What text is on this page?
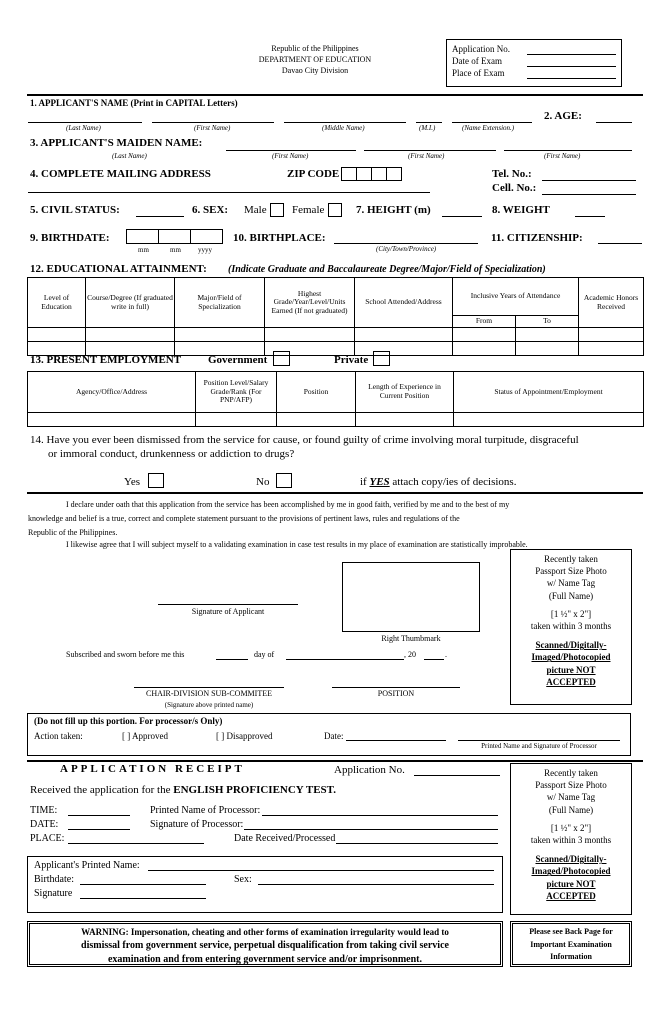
Republic of the Philippines
DEPARTMENT OF EDUCATION
Davao City Division
Application No.
Date of Exam
Place of Exam
1. APPLICANT'S NAME (Print in CAPITAL Letters)
(Last Name)	(First Name)	(Middle Name)	(M.I.)	(Name Extension.)
2. AGE:
3. APPLICANT'S MAIDEN NAME:
(Last Name)	(First Name)	(First Name)	(First Name)
4. COMPLETE MAILING ADDRESS	ZIP CODE	Tel. No.:
Cell. No.:
5. CIVIL STATUS:	6. SEX: Male Female	7. HEIGHT (m)	8. WEIGHT
9. BIRTHDATE:
mm	mm yyyy
10. BIRTHPLACE:
(City/Town/Province)
11. CITIZENSHIP:
12. EDUCATIONAL ATTAINMENT: (Indicate Graduate and Baccalaureate Degree/Major/Field of Specialization)
Level of Education	Course/Degree (If graduated write in full)	Major/Field of Specialization	Highest Grade/Year/Level/Units Earned (If not graduated)	School Attended/Address	Inclusive Years of Attendance		Academic Honors Received
					From	To	

13. PRESENT EMPLOYMENT Government	Private
Agency/Office/Address	Position Level/Salary Grade/Rank (For PNP/AFP)	Position	Length of Experience in Current Position	Status of Appointment/Employment

14. Have you ever been dismissed from the service for cause, or found guilty of crime involving moral turpitude, disgraceful
or immoral conduct, drunkenness or addiction to drugs?
Yes	No	if YES attach copy/ies of decisions.
I declare under oath that this application from the service has been accomplished by me in good faith, verified by me and to the best of my
knowledge and belief is a true, correct and complete statement pursuant to the provisions of pertinent laws, rules and regulations of the
Republic of the Philippines.
I likewise agree that I will subject myself to a validating examination in case test results in my place of examination are statistically improbable.
Signature of Applicant
Right Thumbmark
Subscribed and sworn before me this	day of	, 20	.
CHAIR-DIVISION SUB-COMMITEE
(Signature above printed name)
POSITION
Recently taken
Passport Size Photo
w/ Name Tag
(Full Name)
[1 ½" x 2"]
taken within 3 months
Scanned/Digitally-
Imaged/Photocopied
picture NOT
ACCEPTED
(Do not fill up this portion. For processor/s Only)
Action taken:	[ ] Approved	[ ] Disapproved	Date:
Printed Name and Signature of Processor
APPLICATION RECEIPT	Application No.
Received the application for the ENGLISH PROFICIENCY TEST.
TIME:
DATE:
PLACE:
Printed Name of Processor:
Signature of Processor:
Date Received/Processed
Applicant's Printed Name:
Birthdate:	Sex:
Signature
Recently taken
Passport Size Photo
w/ Name Tag
(Full Name)
[1 ½" x 2"]
taken within 3 months
Scanned/Digitally-
Imaged/Photocopied
picture NOT
ACCEPTED
WARNING: Impersonation, cheating and other forms of examination irregularity would lead to
dismissal from government service, perpetual disqualification from taking civil service
examination and from entering government service and/or imprisonment.
Please see Back Page for
Important Examination
Information
